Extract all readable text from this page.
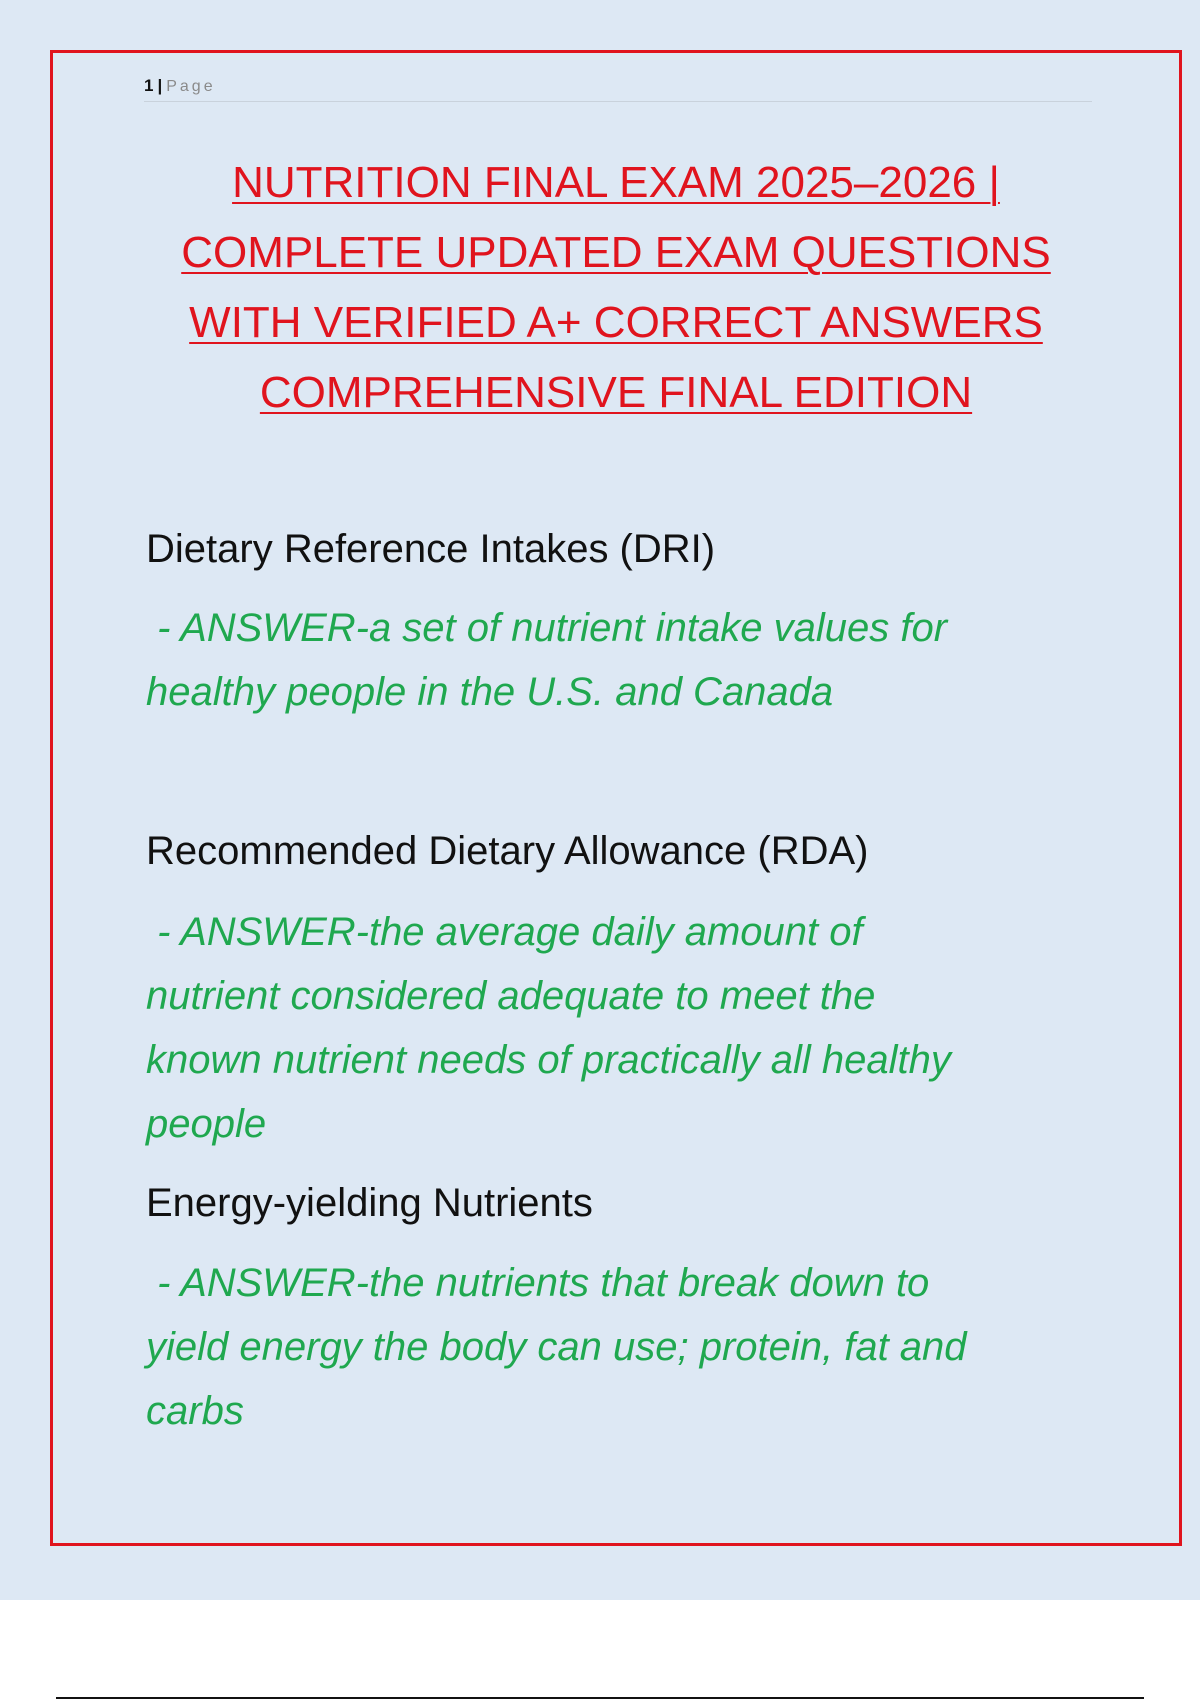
1 | Page
NUTRITION FINAL EXAM 2025–2026 |
COMPLETE UPDATED EXAM QUESTIONS
WITH VERIFIED A+ CORRECT ANSWERS
COMPREHENSIVE FINAL EDITION
Dietary Reference Intakes (DRI)
- ANSWER-a set of nutrient intake values for
healthy people in the U.S. and Canada
Recommended Dietary Allowance (RDA)
- ANSWER-the average daily amount of
nutrient considered adequate to meet the
known nutrient needs of practically all healthy
people
Energy-yielding Nutrients
- ANSWER-the nutrients that break down to
yield energy the body can use; protein, fat and
carbs
